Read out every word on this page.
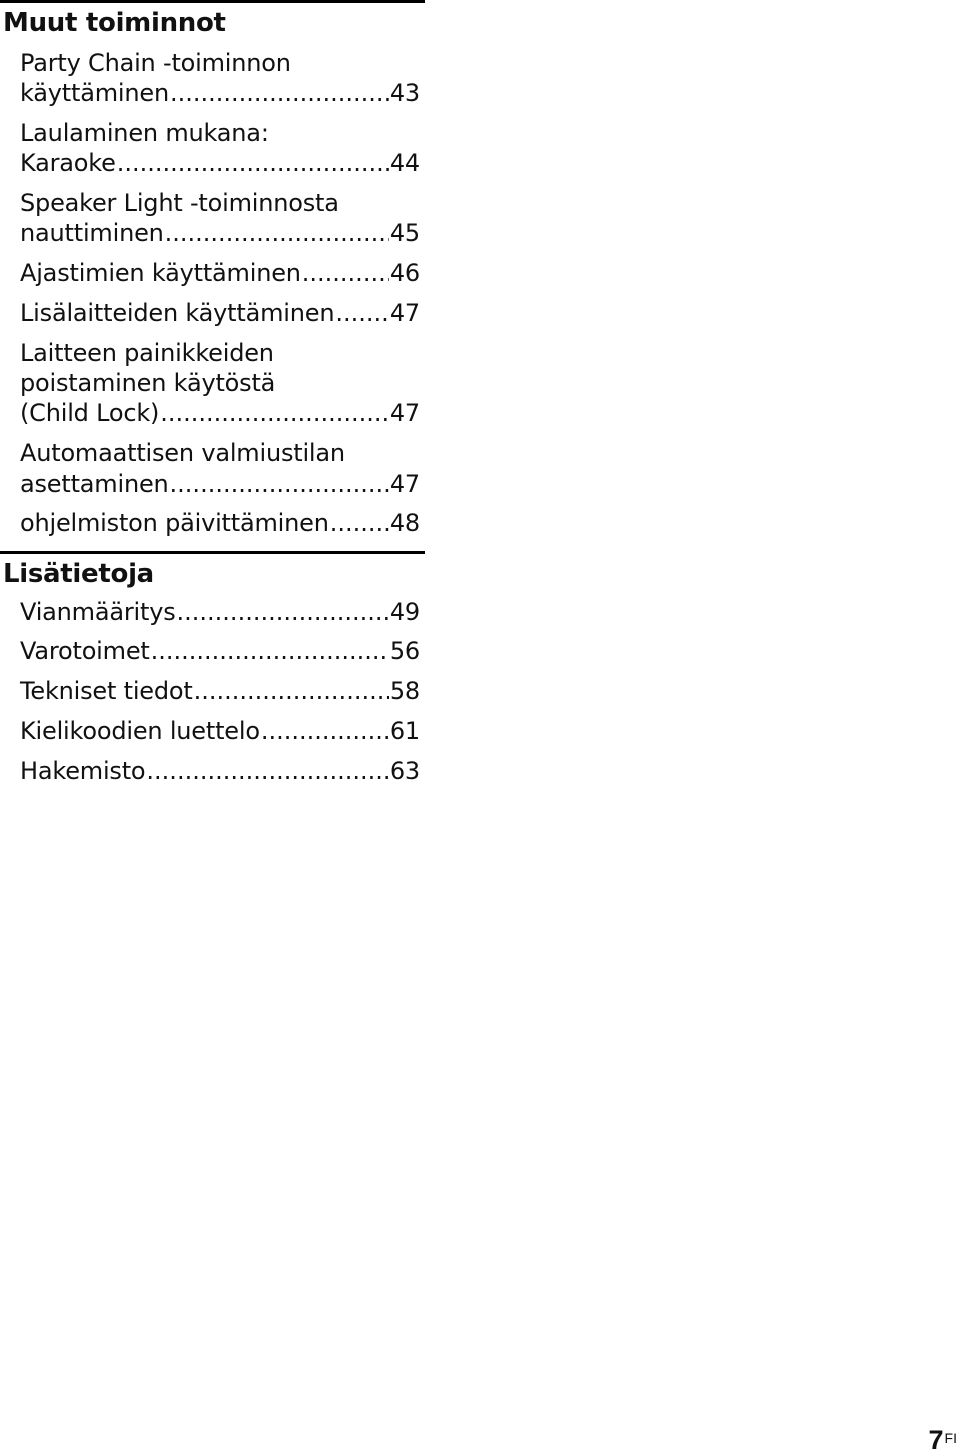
Muut toiminnot
Party Chain -toiminnon
käyttäminen .....	43
Laulaminen mukana:
Karaoke .....	44
Speaker Light -toiminnosta
nauttiminen .....	45
Ajastimien käyttäminen .....	46
Lisälaitteiden käyttäminen ..... 47
Laitteen painikkeiden
poistaminen käytöstä
(Child Lock) .....	47
Automaattisen valmiustilan
asettaminen .....	47
ohjelmiston päivittäminen .....	48
Lisätietoja
Vianmääritys .....	49
Varotoimet .....	56
Tekniset tiedot .....	58
Kielikoodien luettelo .....	61
Hakemisto .....	63
$7^{FI}$
